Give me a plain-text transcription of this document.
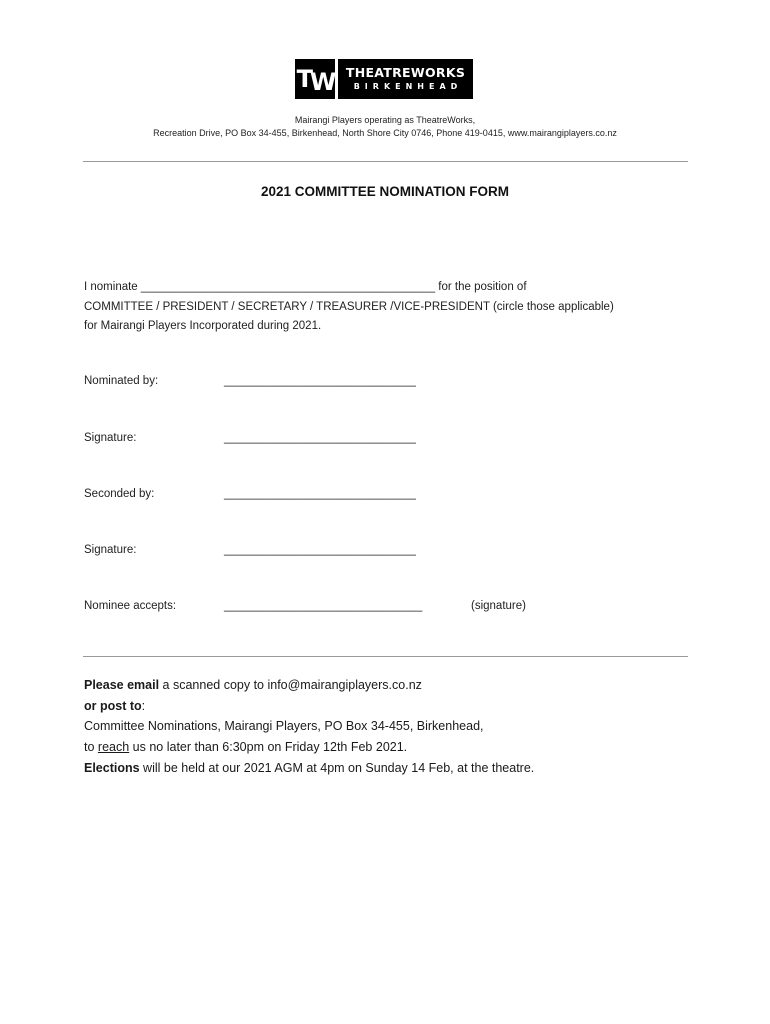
T W THEATREWORKS
BIRKENHEAD
Mairangi Players operating as TheatreWorks,
Recreation Drive, PO Box 34-455, Birkenhead, North Shore City 0746, Phone 419-0415, www.mairangiplayers.co.nz
2021 COMMITTEE NOMINATION FORM
I nominate ______________________________________________ for the position of
COMMITTEE / PRESIDENT / SECRETARY / TREASURER /VICE-PRESIDENT (circle those applicable)
for Mairangi Players Incorporated during 2021.
Nominated by:	______________________________
Signature:	______________________________
Seconded by:	______________________________
Signature:	______________________________
Nominee accepts:	_______________________________	(signature)
Please email a scanned copy to info@mairangiplayers.co.nz
or post to:
Committee Nominations, Mairangi Players, PO Box 34-455, Birkenhead,
to reach us no later than 6:30pm on Friday 12th Feb 2021.
Elections will be held at our 2021 AGM at 4pm on Sunday 14 Feb, at the theatre.
